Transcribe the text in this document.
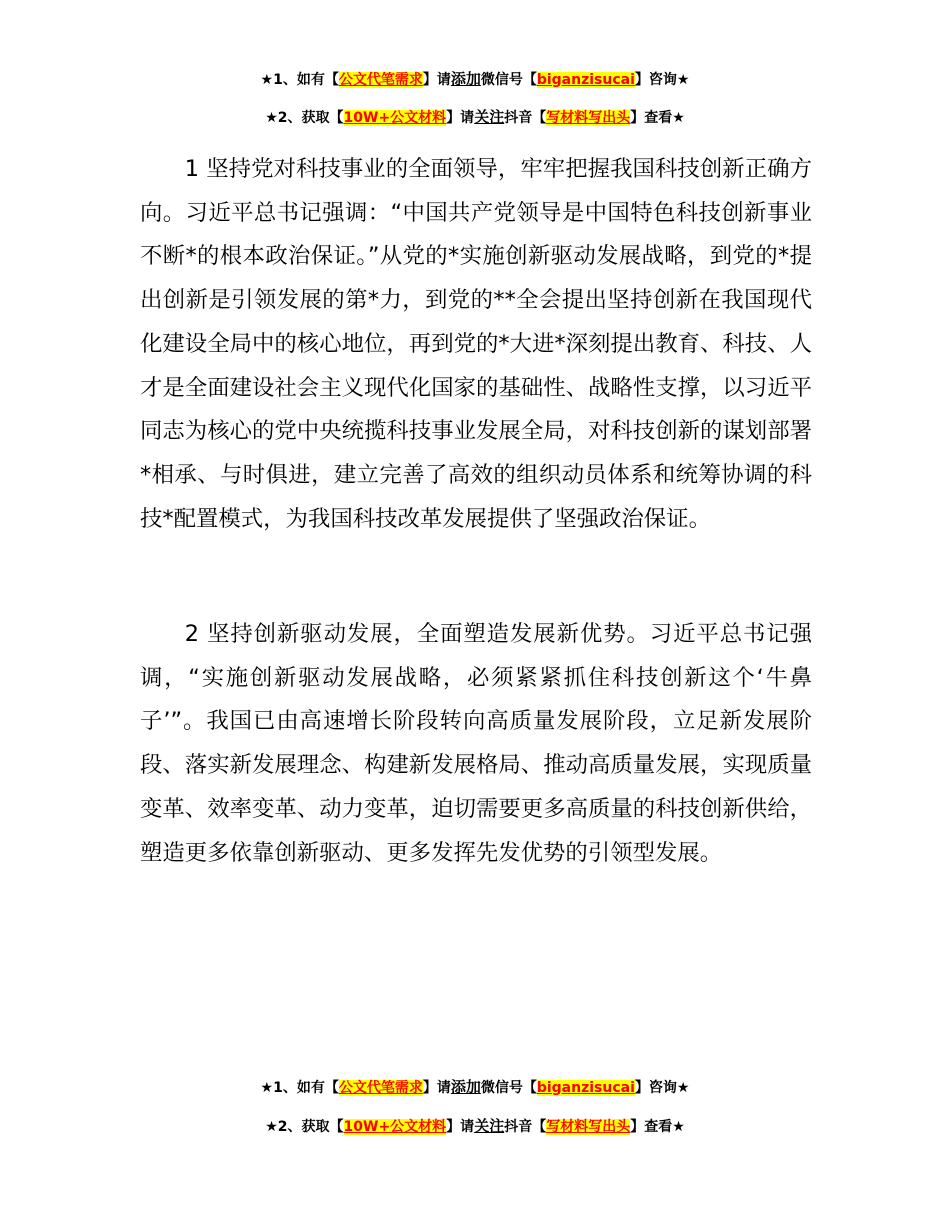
★1、如有【公文代笔需求】请添加微信号【biganzisucai】咨询★
★2、获取【10W+公文材料】请关注抖音【写材料写出头】查看★

1 坚持党对科技事业的全面领导，牢牢把握我国科技创新正确方向。习近平总书记强调：“中国共产党领导是中国特色科技创新事业不断*的根本政治保证。”从党的*实施创新驱动发展战略，到党的*提出创新是引领发展的第*力，到党的**全会提出坚持创新在我国现代化建设全局中的核心地位，再到党的*大进*深刻提出教育、科技、人才是全面建设社会主义现代化国家的基础性、战略性支撑，以习近平同志为核心的党中央统揽科技事业发展全局，对科技创新的谋划部署*相承、与时俱进，建立完善了高效的组织动员体系和统筹协调的科技*配置模式，为我国科技改革发展提供了坚强政治保证。

2 坚持创新驱动发展，全面塑造发展新优势。习近平总书记强调，“实施创新驱动发展战略，必须紧紧抓住科技创新这个‘牛鼻子’”。我国已由高速增长阶段转向高质量发展阶段，立足新发展阶段、落实新发展理念、构建新发展格局、推动高质量发展，实现质量变革、效率变革、动力变革，迫切需要更多高质量的科技创新供给，塑造更多依靠创新驱动、更多发挥先发优势的引领型发展。

★1、如有【公文代笔需求】请添加微信号【biganzisucai】咨询★
★2、获取【10W+公文材料】请关注抖音【写材料写出头】查看★
